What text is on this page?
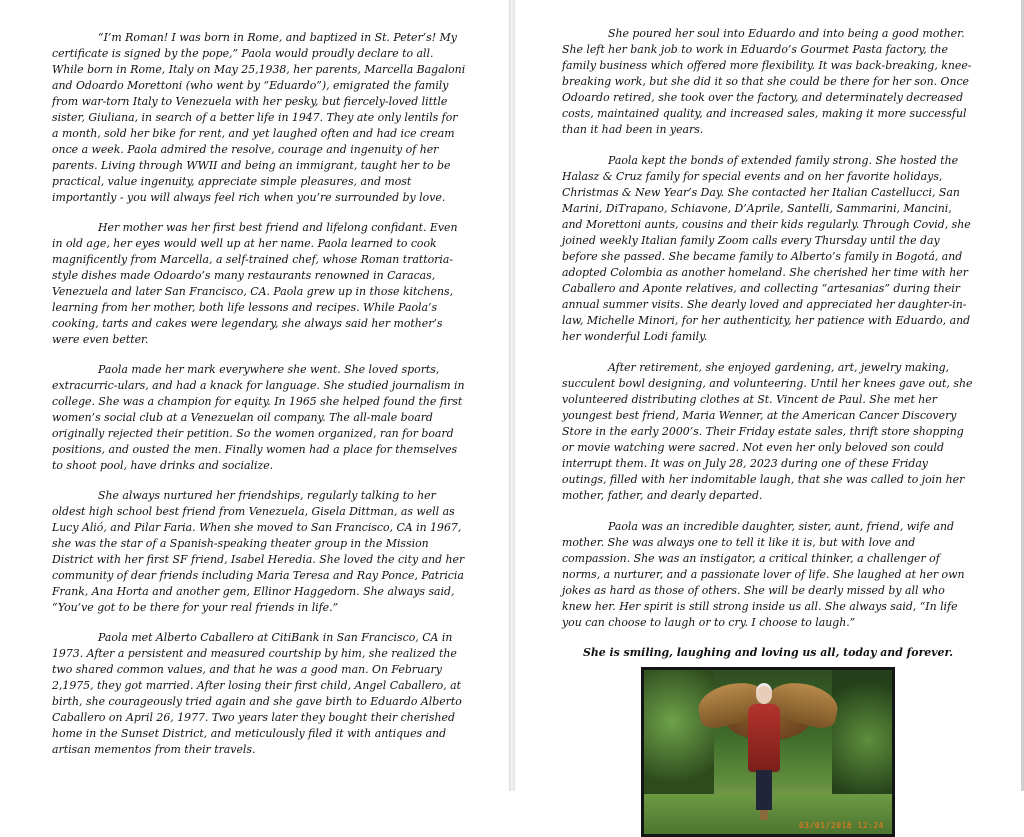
“I’m Roman! I was born in Rome, and baptized in St. Peter’s! My certificate is signed by the pope,” Paola would proudly declare to all. While born in Rome, Italy on May 25,1938, her parents, Marcella Bagaloni and Odoardo Morettoni (who went by “Eduardo”), emigrated the family from war-torn Italy to Venezuela with her pesky, but fiercely-loved little sister, Giuliana, in search of a better life in 1947. They ate only lentils for a month, sold her bike for rent, and yet laughed often and had ice cream once a week. Paola admired the resolve, courage and ingenuity of her parents. Living through WWII and being an immigrant, taught her to be practical, value ingenuity, appreciate simple pleasures, and most importantly - you will always feel rich when you’re surrounded by love.

Her mother was her first best friend and lifelong confidant. Even in old age, her eyes would well up at her name. Paola learned to cook magnificently from Marcella, a self-trained chef, whose Roman trattoria-style dishes made Odoardo’s many restaurants renowned in Caracas, Venezuela and later San Francisco, CA. Paola grew up in those kitchens, learning from her mother, both life lessons and recipes. While Paola’s cooking, tarts and cakes were legendary, she always said her mother’s were even better.

Paola made her mark everywhere she went. She loved sports, extracurric-ulars, and had a knack for language. She studied journalism in college. She was a champion for equity. In 1965 she helped found the first women’s social club at a Venezuelan oil company. The all-male board originally rejected their petition. So the women organized, ran for board positions, and ousted the men. Finally women had a place for themselves to shoot pool, have drinks and socialize.

She always nurtured her friendships, regularly talking to her oldest high school best friend from Venezuela, Gisela Dittman, as well as Lucy Alió, and Pilar Faria. When she moved to San Francisco, CA in 1967, she was the star of a Spanish-speaking theater group in the Mission District with her first SF friend, Isabel Heredia. She loved the city and her community of dear friends including Maria Teresa and Ray Ponce, Patricia Frank, Ana Horta and another gem, Ellinor Haggedorn. She always said, “You’ve got to be there for your real friends in life.”

Paola met Alberto Caballero at CitiBank in San Francisco, CA in 1973. After a persistent and measured courtship by him, she realized the two shared common values, and that he was a good man. On February 2,1975, they got married. After losing their first child, Angel Caballero, at birth, she courageously tried again and she gave birth to Eduardo Alberto Caballero on April 26, 1977. Two years later they bought their cherished home in the Sunset District, and meticulously filed it with antiques and artisan mementos from their travels.

She poured her soul into Eduardo and into being a good mother. She left her bank job to work in Eduardo’s Gourmet Pasta factory, the family business which offered more flexibility. It was back-breaking, knee-breaking work, but she did it so that she could be there for her son. Once Odoardo retired, she took over the factory, and determinately decreased costs, maintained quality, and increased sales, making it more successful than it had been in years.

Paola kept the bonds of extended family strong. She hosted the Halasz & Cruz family for special events and on her favorite holidays, Christmas & New Year’s Day. She contacted her Italian Castellucci, San Marini, DiTrapano, Schiavone, D’Aprile, Santelli, Sammarini, Mancini, and Morettoni aunts, cousins and their kids regularly. Through Covid, she joined weekly Italian family Zoom calls every Thursday until the day before she passed. She became family to Alberto’s family in Bogotá, and adopted Colombia as another homeland. She cherished her time with her Caballero and Aponte relatives, and collecting “artesanias” during their annual summer visits. She dearly loved and appreciated her daughter-in-law, Michelle Minori, for her authenticity, her patience with Eduardo, and her wonderful Lodi family.

After retirement, she enjoyed gardening, art, jewelry making, succulent bowl designing, and volunteering. Until her knees gave out, she volunteered distributing clothes at St. Vincent de Paul. She met her youngest best friend, Maria Wenner, at the American Cancer Discovery Store in the early 2000’s. Their Friday estate sales, thrift store shopping or movie watching were sacred. Not even her only beloved son could interrupt them. It was on July 28, 2023 during one of these Friday outings, filled with her indomitable laugh, that she was called to join her mother, father, and dearly departed.

Paola was an incredible daughter, sister, aunt, friend, wife and mother. She was always one to tell it like it is, but with love and compassion. She was an instigator, a critical thinker, a challenger of norms, a nurturer, and a passionate lover of life. She laughed at her own jokes as hard as those of others. She will be dearly missed by all who knew her. Her spirit is still strong inside us all. She always said, “In life you can choose to laugh or to cry. I choose to laugh.”

She is smiling, laughing and loving us all, today and forever.
03/01/2018 12:24
